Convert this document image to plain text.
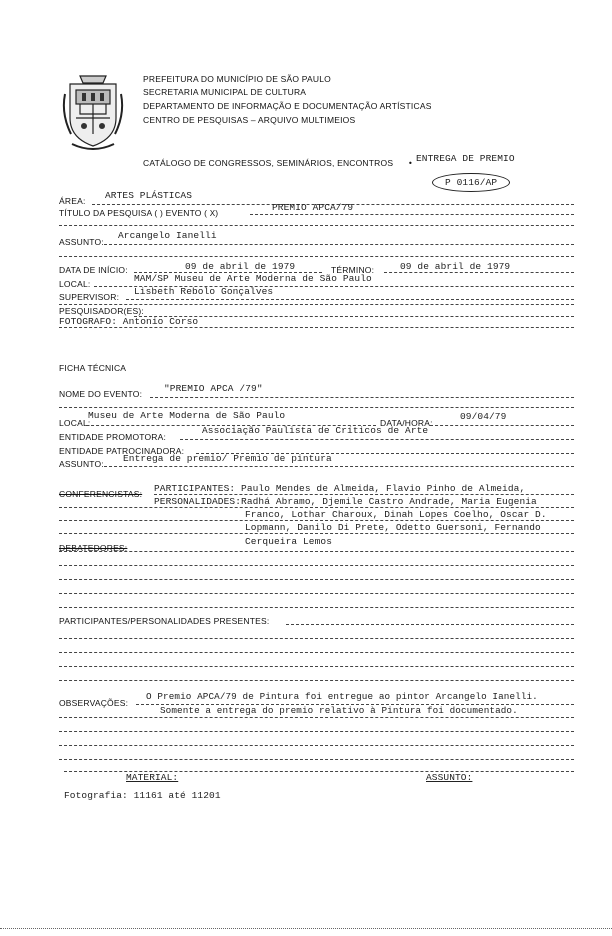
PREFEITURA DO MUNICÍPIO DE SÃO PAULO
SECRETARIA MUNICIPAL DE CULTURA
DEPARTAMENTO DE INFORMAÇÃO E DOCUMENTAÇÃO ARTÍSTICAS
CENTRO DE PESQUISAS – ARQUIVO MULTIMEIOS
CATÁLOGO DE CONGRESSOS, SEMINÁRIOS, ENCONTROS ENTREGA DE PREMIO
•
P 0116/AP
ÁREA: ARTES PLÁSTICAS
TÍTULO DA PESQUISA ( ) EVENTO ( X)	PREMIO APCA/79
ASSUNTO:
Arcangelo Ianelli
DATA DE INÍCIO:	09 de abril de 1979	TÉRMINO:	09 de abril de 1979
LOCAL:	MAM/SP Museu de Arte Moderna de São Paulo
SUPERVISOR: Lisbeth Rebolo Gonçalves
PESQUISADOR(ES):
FOTOGRAFO: Antonio Corso
FICHA TÉCNICA
NOME DO EVENTO: "PREMIO APCA /79"
LOCAL:
Museu de Arte Moderna de São Paulo
DATA/HORA:
09/04/79
ENTIDADE PROMOTORA:
Associação Paulista de Críticos de Arte
ENTIDADE PATROCINADORA:
ASSUNTO: Entrega de premio/ Premio de pintura
CONFERENCISTAS: PARTICIPANTES: Paulo Mendes de Almeida, Flavio Pinho de Almeida,
PERSONALIDADES:Radhá Abramo, Djemile Castro Andrade, Maria Eugenia
Franco, Lothar Charoux, Dinah Lopes Coelho, Oscar D.
Lopmann, Danilo Di Prete, Odetto Guersoni, Fernando
Cerqueira Lemos
DEBATEDORES:
PARTICIPANTES/PERSONALIDADES PRESENTES:
OBSERVAÇÕES:
O Premio APCA/79 de Pintura foi entregue ao pintor Arcangelo Ianelli.
Somente a entrega do premio relativo à Pintura foi documentado.
MATERIAL:	ASSUNTO:
Fotografia: 11161 até 11201
